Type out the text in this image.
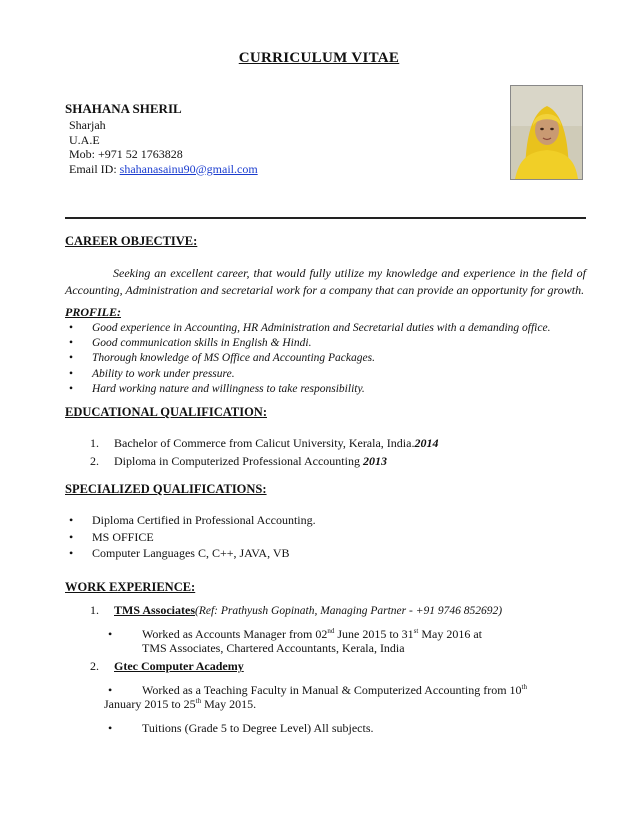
CURRICULUM VITAE
SHAHANA SHERIL
Sharjah
U.A.E
Mob: +971 52 1763828
Email ID: shahanasainu90@gmail.com
CAREER OBJECTIVE:
Seeking an excellent career, that would fully utilize my knowledge and experience in the field of Accounting, Administration and secretarial work for a company that can provide an opportunity for growth.
PROFILE:
• Good experience in Accounting, HR Administration and Secretarial duties with a demanding office.
• Good communication skills in English & Hindi.
• Thorough knowledge of MS Office and Accounting Packages.
• Ability to work under pressure.
• Hard working nature and willingness to take responsibility.
EDUCATIONAL QUALIFICATION:
1. Bachelor of Commerce from Calicut University, Kerala, India.2014
2. Diploma in Computerized Professional Accounting 2013
SPECIALIZED QUALIFICATIONS:
• Diploma Certified in Professional Accounting.
• MS OFFICE
• Computer Languages C, C++, JAVA, VB
WORK EXPERIENCE:
1. TMS Associates(Ref: Prathyush Gopinath, Managing Partner - +91 9746 852692)
• Worked as Accounts Manager from 02nd June 2015 to 31st May 2016 at
TMS Associates, Chartered Accountants, Kerala, India
2. Gtec Computer Academy
• Worked as a Teaching Faculty in Manual & Computerized Accounting from 10th
January 2015 to 25th May 2015.
• Tuitions (Grade 5 to Degree Level) All subjects.
